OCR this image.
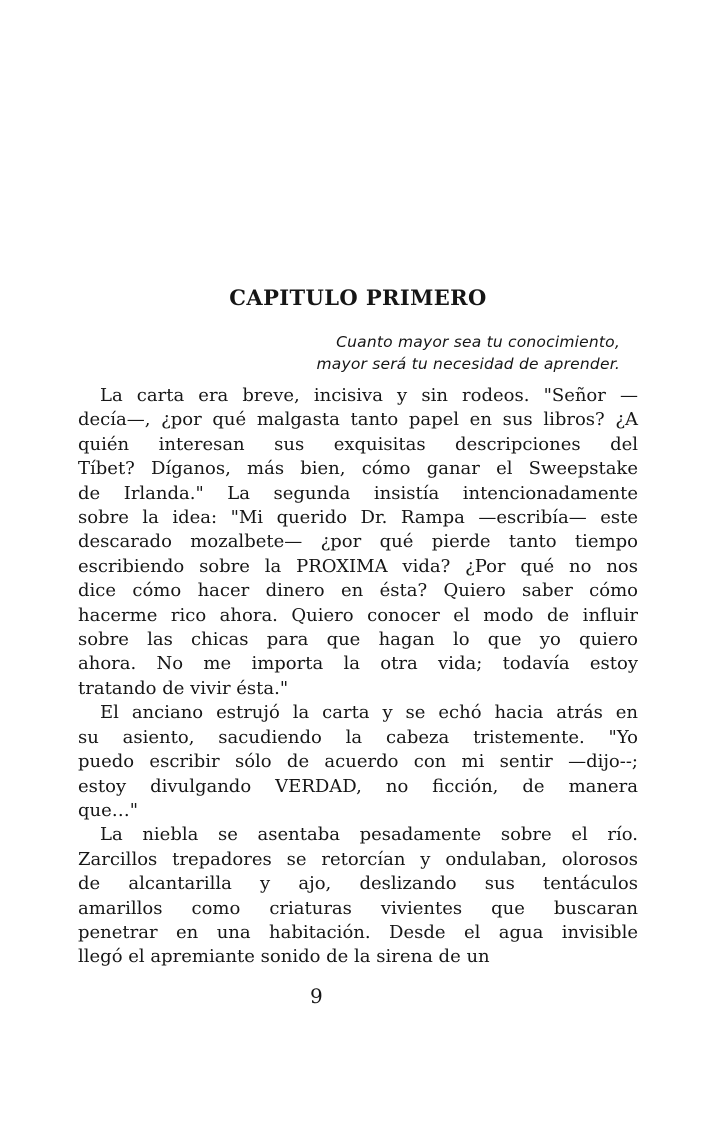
CAPITULO PRIMERO
Cuanto mayor sea tu conocimiento,
mayor será tu necesidad de aprender.
La carta era breve, incisiva y sin rodeos. "Señor —
decía—, ¿por qué malgasta tanto papel en sus libros? ¿A
quién interesan sus exquisitas descripciones del
Tíbet? Díganos, más bien, cómo ganar el Sweepstake
de Irlanda." La segunda insistía intencionadamente
sobre la idea: "Mi querido Dr. Rampa —escribía— este
descarado mozalbete— ¿por qué pierde tanto tiempo
escribiendo sobre la PROXIMA vida? ¿Por qué no nos
dice cómo hacer dinero en ésta? Quiero saber cómo
hacerme rico ahora. Quiero conocer el modo de influir
sobre las chicas para que hagan lo que yo quiero
ahora. No me importa la otra vida; todavía estoy
tratando de vivir ésta."
El anciano estrujó la carta y se echó hacia atrás en
su asiento, sacudiendo la cabeza tristemente. "Yo
puedo escribir sólo de acuerdo con mi sentir —dijo--;
estoy divulgando VERDAD, no ficción, de manera
que…"
La niebla se asentaba pesadamente sobre el río.
Zarcillos trepadores se retorcían y ondulaban, olorosos
de alcantarilla y ajo, deslizando sus tentáculos
amarillos como criaturas vivientes que buscaran
penetrar en una habitación. Desde el agua invisible
llegó el apremiante sonido de la sirena de un
9
